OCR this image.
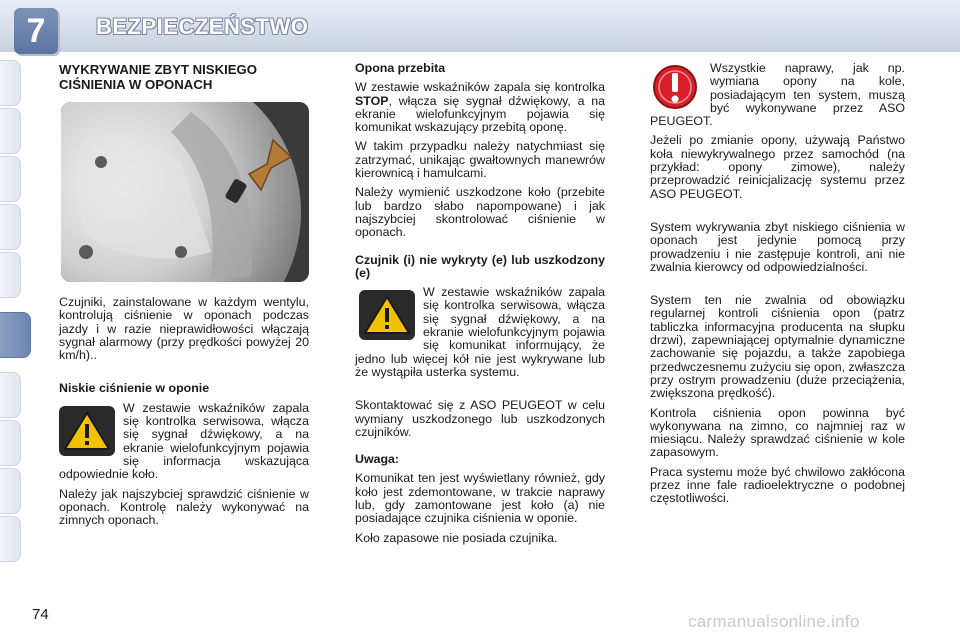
7	BEZPIECZEŃSTWO
WYKRYWANIE ZBYT NISKIEGO
CIŚNIENIA W OPONACH

Czujniki, zainstalowane w każdym wentylu, kontrolują ciśnienie w oponach podczas jazdy i w razie nieprawidłowości włączają sygnał alarmowy (przy prędkości powyżej 20 km/h)..

Niskie ciśnienie w oponie

W zestawie wskaźników zapala się kontrolka serwisowa, włącza się sygnał dźwiękowy, a na ekranie wielofunkcyjnym pojawia się informacja wskazująca odpowiednie koło.

Należy jak najszybciej sprawdzić ciśnienie w oponach. Kontrolę należy wykonywać na zimnych oponach.

Opona przebita

W zestawie wskaźników zapala się kontrolka STOP, włącza się sygnał dźwiękowy, a na ekranie wielofunkcyjnym pojawia się komunikat wskazujący przebitą oponę.

W takim przypadku należy natychmiast się zatrzymać, unikając gwałtownych manewrów kierownicą i hamulcami.

Należy wymienić uszkodzone koło (przebite lub bardzo słabo napompowane) i jak najszybciej skontrolować ciśnienie w oponach.

Czujnik (i) nie wykryty (e) lub uszkodzony (e)

W zestawie wskaźników zapala się kontrolka serwisowa, włącza się sygnał dźwiękowy, a na ekranie wielofunkcyjnym pojawia się komunikat informujący, że jedno lub więcej kół nie jest wykrywane lub że wystąpiła usterka systemu.

Skontaktować się z ASO PEUGEOT w celu wymiany uszkodzonego lub uszkodzonych czujników.

Uwaga:

Komunikat ten jest wyświetlany również, gdy koło jest zdemontowane, w trakcie naprawy lub, gdy zamontowane jest koło (a) nie posiadające czujnika ciśnienia w oponie.

Koło zapasowe nie posiada czujnika.

Wszystkie naprawy, jak np. wymiana opony na kole, posiadającym ten system, muszą być wykonywane przez ASO PEUGEOT.

Jeżeli po zmianie opony, używają Państwo koła niewykrywalnego przez samochód (na przykład: opony zimowe), należy przeprowadzić reinicjalizację systemu przez ASO PEUGEOT.

System wykrywania zbyt niskiego ciśnienia w oponach jest jedynie pomocą przy prowadzeniu i nie zastępuje kontroli, ani nie zwalnia kierowcy od odpowiedzialności.

System ten nie zwalnia od obowiązku regularnej kontroli ciśnienia opon (patrz tabliczka informacyjna producenta na słupku drzwi), zapewniającej optymalnie dynamiczne zachowanie się pojazdu, a także zapobiega przedwczesnemu zużyciu się opon, zwłaszcza przy ostrym prowadzeniu (duże przeciążenia, zwiększona prędkość).

Kontrola ciśnienia opon powinna być wykonywana na zimno, co najmniej raz w miesiącu. Należy sprawdzać ciśnienie w kole zapasowym.

Praca systemu może być chwilowo zakłócona przez inne fale radioelektryczne o podobnej częstotliwości.

74	carmanualsonline.info
